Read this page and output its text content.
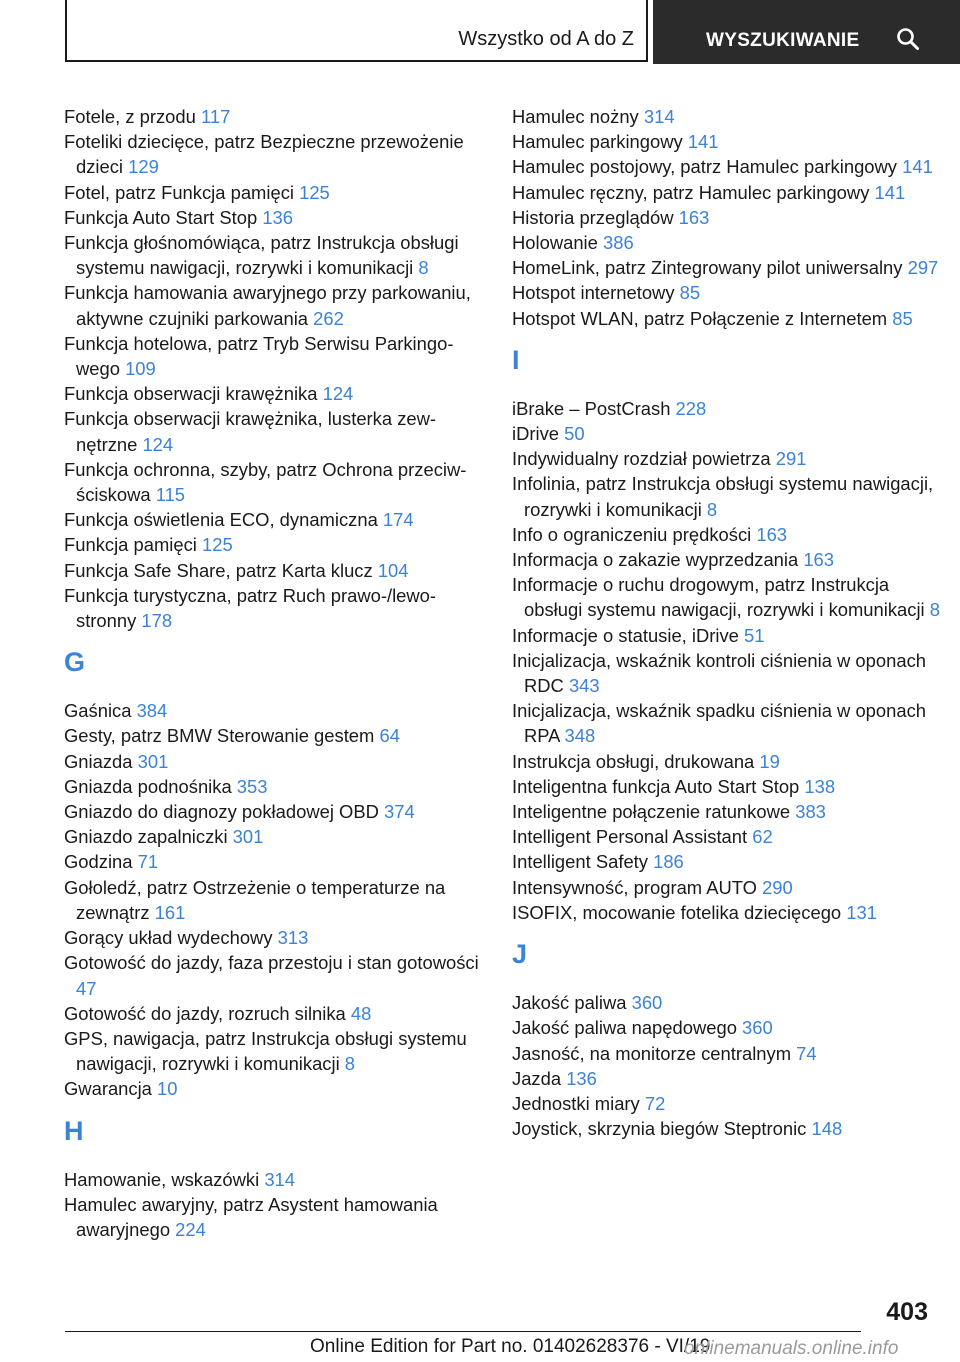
Wszystko od A do Z	WYSZUKIWANIE
Fotele, z przodu 117
Foteliki dziecięce, patrz Bezpieczne przewożenie dzieci 129
Fotel, patrz Funkcja pamięci 125
Funkcja Auto Start Stop 136
Funkcja głośnomówiąca, patrz Instrukcja obsługi systemu nawigacji, rozrywki i komunikacji 8
Funkcja hamowania awaryjnego przy parkowaniu, aktywne czujniki parkowania 262
Funkcja hotelowa, patrz Tryb Serwisu Parkingowego 109
Funkcja obserwacji krawężnika 124
Funkcja obserwacji krawężnika, lusterka zewnętrzne 124
Funkcja ochronna, szyby, patrz Ochrona przeciwściskowa 115
Funkcja oświetlenia ECO, dynamiczna 174
Funkcja pamięci 125
Funkcja Safe Share, patrz Karta klucz 104
Funkcja turystyczna, patrz Ruch prawo-/lewostronny 178
G
Gaśnica 384
Gesty, patrz BMW Sterowanie gestem 64
Gniazda 301
Gniazda podnośnika 353
Gniazdo do diagnozy pokładowej OBD 374
Gniazdo zapalniczki 301
Godzina 71
Gołoledź, patrz Ostrzeżenie o temperaturze na zewnątrz 161
Gorący układ wydechowy 313
Gotowość do jazdy, faza przestoju i stan gotowości 47
Gotowość do jazdy, rozruch silnika 48
GPS, nawigacja, patrz Instrukcja obsługi systemu nawigacji, rozrywki i komunikacji 8
Gwarancja 10
H
Hamowanie, wskazówki 314
Hamulec awaryjny, patrz Asystent hamowania awaryjnego 224
Hamulec nożny 314
Hamulec parkingowy 141
Hamulec postojowy, patrz Hamulec parkingowy 141
Hamulec ręczny, patrz Hamulec parkingowy 141
Historia przeglądów 163
Holowanie 386
HomeLink, patrz Zintegrowany pilot uniwersalny 297
Hotspot internetowy 85
Hotspot WLAN, patrz Połączenie z Internetem 85
I
iBrake – PostCrash 228
iDrive 50
Indywidualny rozdział powietrza 291
Infolinia, patrz Instrukcja obsługi systemu nawigacji, rozrywki i komunikacji 8
Info o ograniczeniu prędkości 163
Informacja o zakazie wyprzedzania 163
Informacje o ruchu drogowym, patrz Instrukcja obsługi systemu nawigacji, rozrywki i komunikacji 8
Informacje o statusie, iDrive 51
Inicjalizacja, wskaźnik kontroli ciśnienia w oponach RDC 343
Inicjalizacja, wskaźnik spadku ciśnienia w oponach RPA 348
Instrukcja obsługi, drukowana 19
Inteligentna funkcja Auto Start Stop 138
Inteligentne połączenie ratunkowe 383
Intelligent Personal Assistant 62
Intelligent Safety 186
Intensywność, program AUTO 290
ISOFIX, mocowanie fotelika dziecięcego 131
J
Jakość paliwa 360
Jakość paliwa napędowego 360
Jasność, na monitorze centralnym 74
Jazda 136
Jednostki miary 72
Joystick, skrzynia biegów Steptronic 148
403
Online Edition for Part no. 01402628376 - VI/19
onlinemanuals.online.info
